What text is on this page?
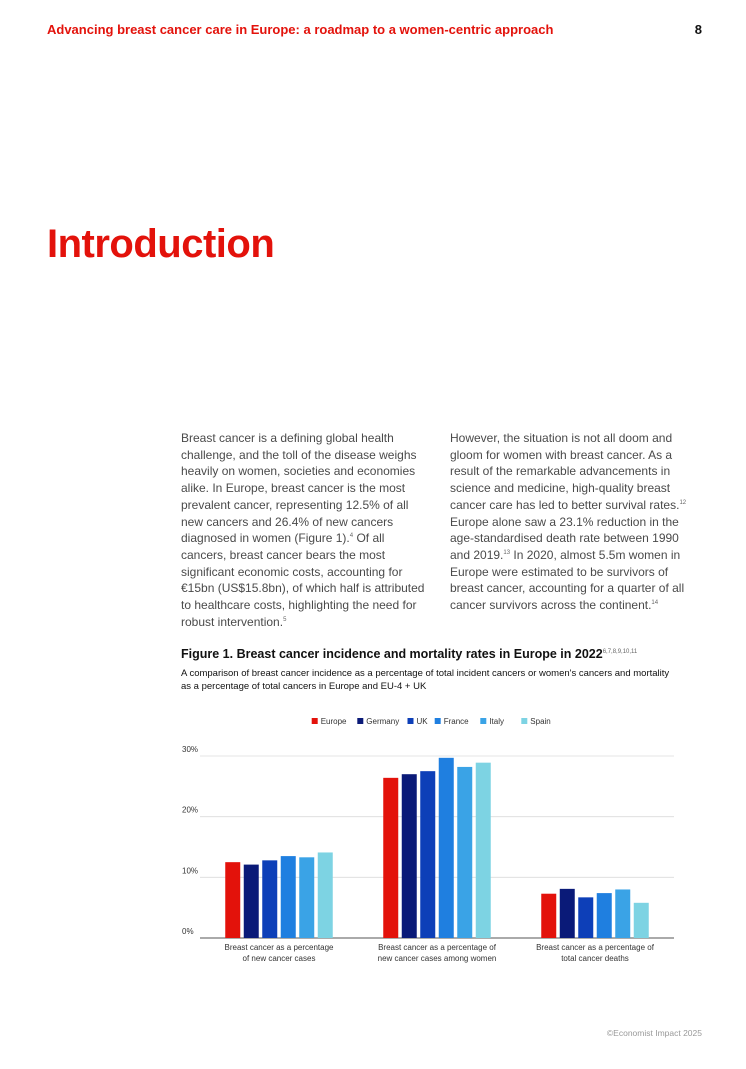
Advancing breast cancer care in Europe: a roadmap to a women-centric approach	8
Introduction

Breast cancer is a defining global health challenge, and the toll of the disease weighs heavily on women, societies and economies alike. In Europe, breast cancer is the most prevalent cancer, representing 12.5% of all new cancers and 26.4% of new cancers diagnosed in women (Figure 1).$^4$ Of all cancers, breast cancer bears the most significant economic costs, accounting for €15bn (US$15.8bn), of which half is attributed to healthcare costs, highlighting the need for robust intervention.$^5$

However, the situation is not all doom and gloom for women with breast cancer. As a result of the remarkable advancements in science and medicine, high-quality breast cancer care has led to better survival rates.$^{12}$ Europe alone saw a 23.1% reduction in the age-standardised death rate between 1990 and 2019.13 In 2020, almost 5.5m women in Europe were estimated to be survivors of breast cancer, accounting for a quarter of all cancer survivors across the continent.$^{14}$

Figure 1. Breast cancer incidence and mortality rates in Europe in 2022$^{6,7,8,9,10,11}$
A comparison of breast cancer incidence as a percentage of total incident cancers or women's cancers and mortality as a percentage of total cancers in Europe and EU-4 + UK
0%
10%
20%
30%
Europe Germany UK France	Italy	Spain
Breast cancer as a percentage
of new cancer cases
Breast cancer as a percentage of
new cancer cases among women
Breast cancer as a percentage of
total cancer deaths
©Economist Impact 2025
